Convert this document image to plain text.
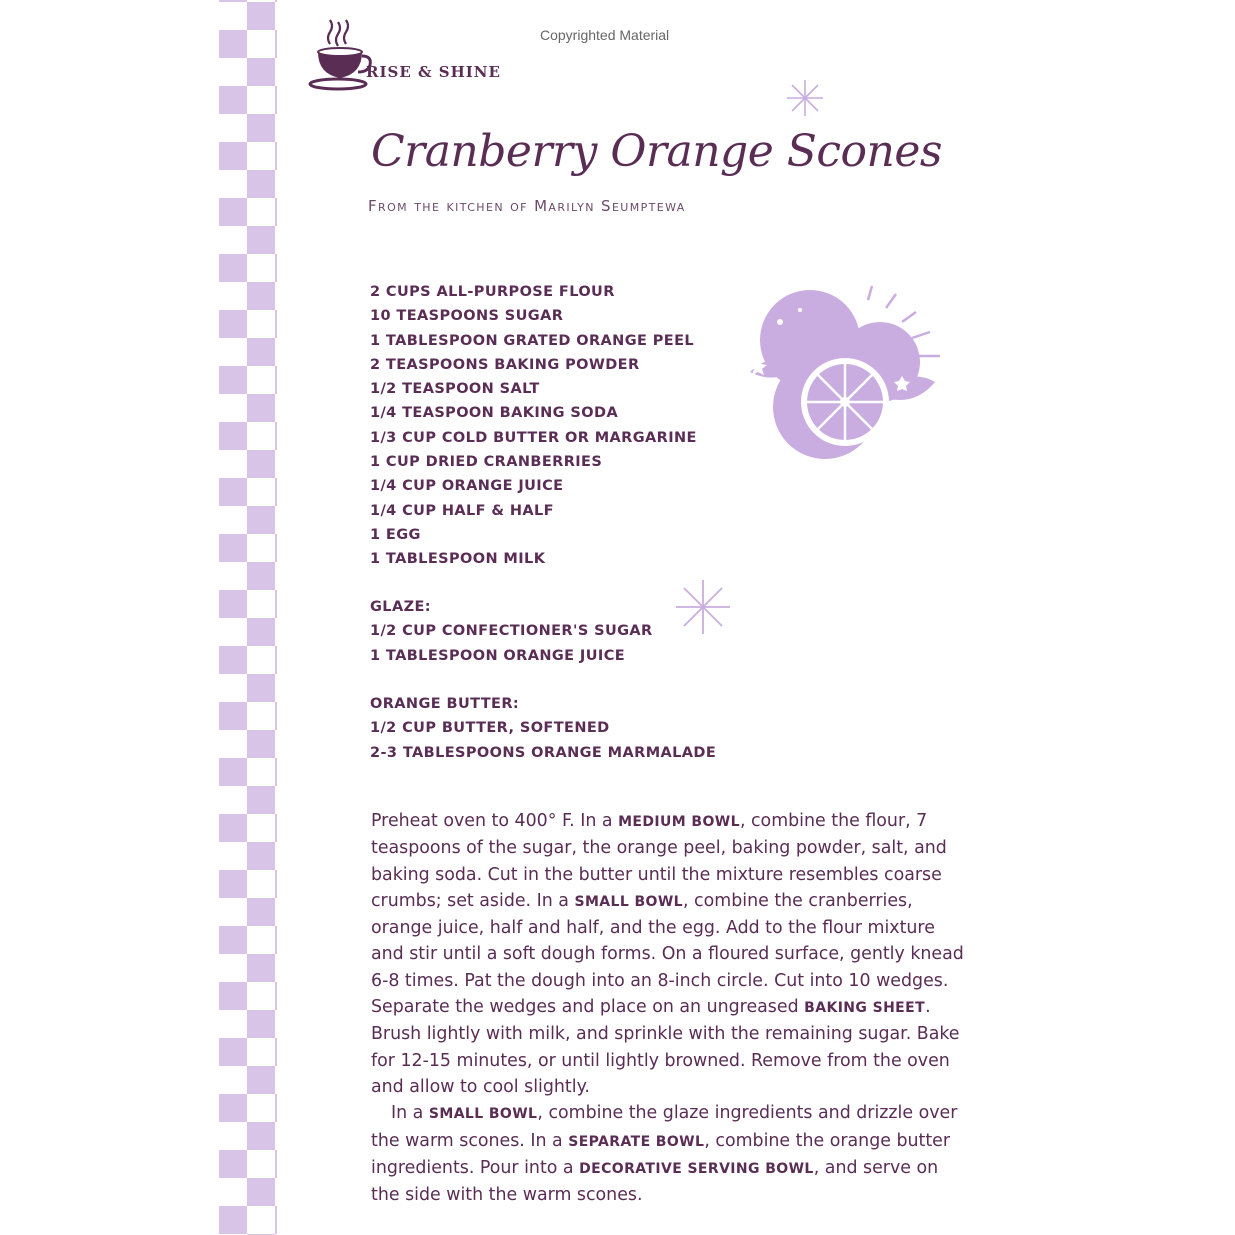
Copyrighted Material
RISE & SHINE
Cranberry Orange Scones
From the kitchen of Marilyn Seumptewa
2 CUPS ALL-PURPOSE FLOUR
10 TEASPOONS SUGAR
1 TABLESPOON GRATED ORANGE PEEL
2 TEASPOONS BAKING POWDER
1/2 TEASPOON SALT
1/4 TEASPOON BAKING SODA
1/3 CUP COLD BUTTER OR MARGARINE
1 CUP DRIED CRANBERRIES
1/4 CUP ORANGE JUICE
1/4 CUP HALF & HALF
1 EGG
1 TABLESPOON MILK
GLAZE:
1/2 CUP CONFECTIONER'S SUGAR
1 TABLESPOON ORANGE JUICE
ORANGE BUTTER:
1/2 CUP BUTTER, SOFTENED
2-3 TABLESPOONS ORANGE MARMALADE

Preheat oven to 400° F. In a MEDIUM BOWL, combine the flour, 7 teaspoons of the sugar, the orange peel, baking powder, salt, and baking soda. Cut in the butter until the mixture resembles coarse crumbs; set aside. In a SMALL BOWL, combine the cranberries, orange juice, half and half, and the egg. Add to the flour mixture and stir until a soft dough forms. On a floured surface, gently knead 6-8 times. Pat the dough into an 8-inch circle. Cut into 10 wedges. Separate the wedges and place on an ungreased BAKING SHEET. Brush lightly with milk, and sprinkle with the remaining sugar. Bake for 12-15 minutes, or until lightly browned. Remove from the oven and allow to cool slightly.

In a SMALL BOWL, combine the glaze ingredients and drizzle over the warm scones. In a SEPARATE BOWL, combine the orange butter ingredients. Pour into a DECORATIVE SERVING BOWL, and serve on the side with the warm scones.
